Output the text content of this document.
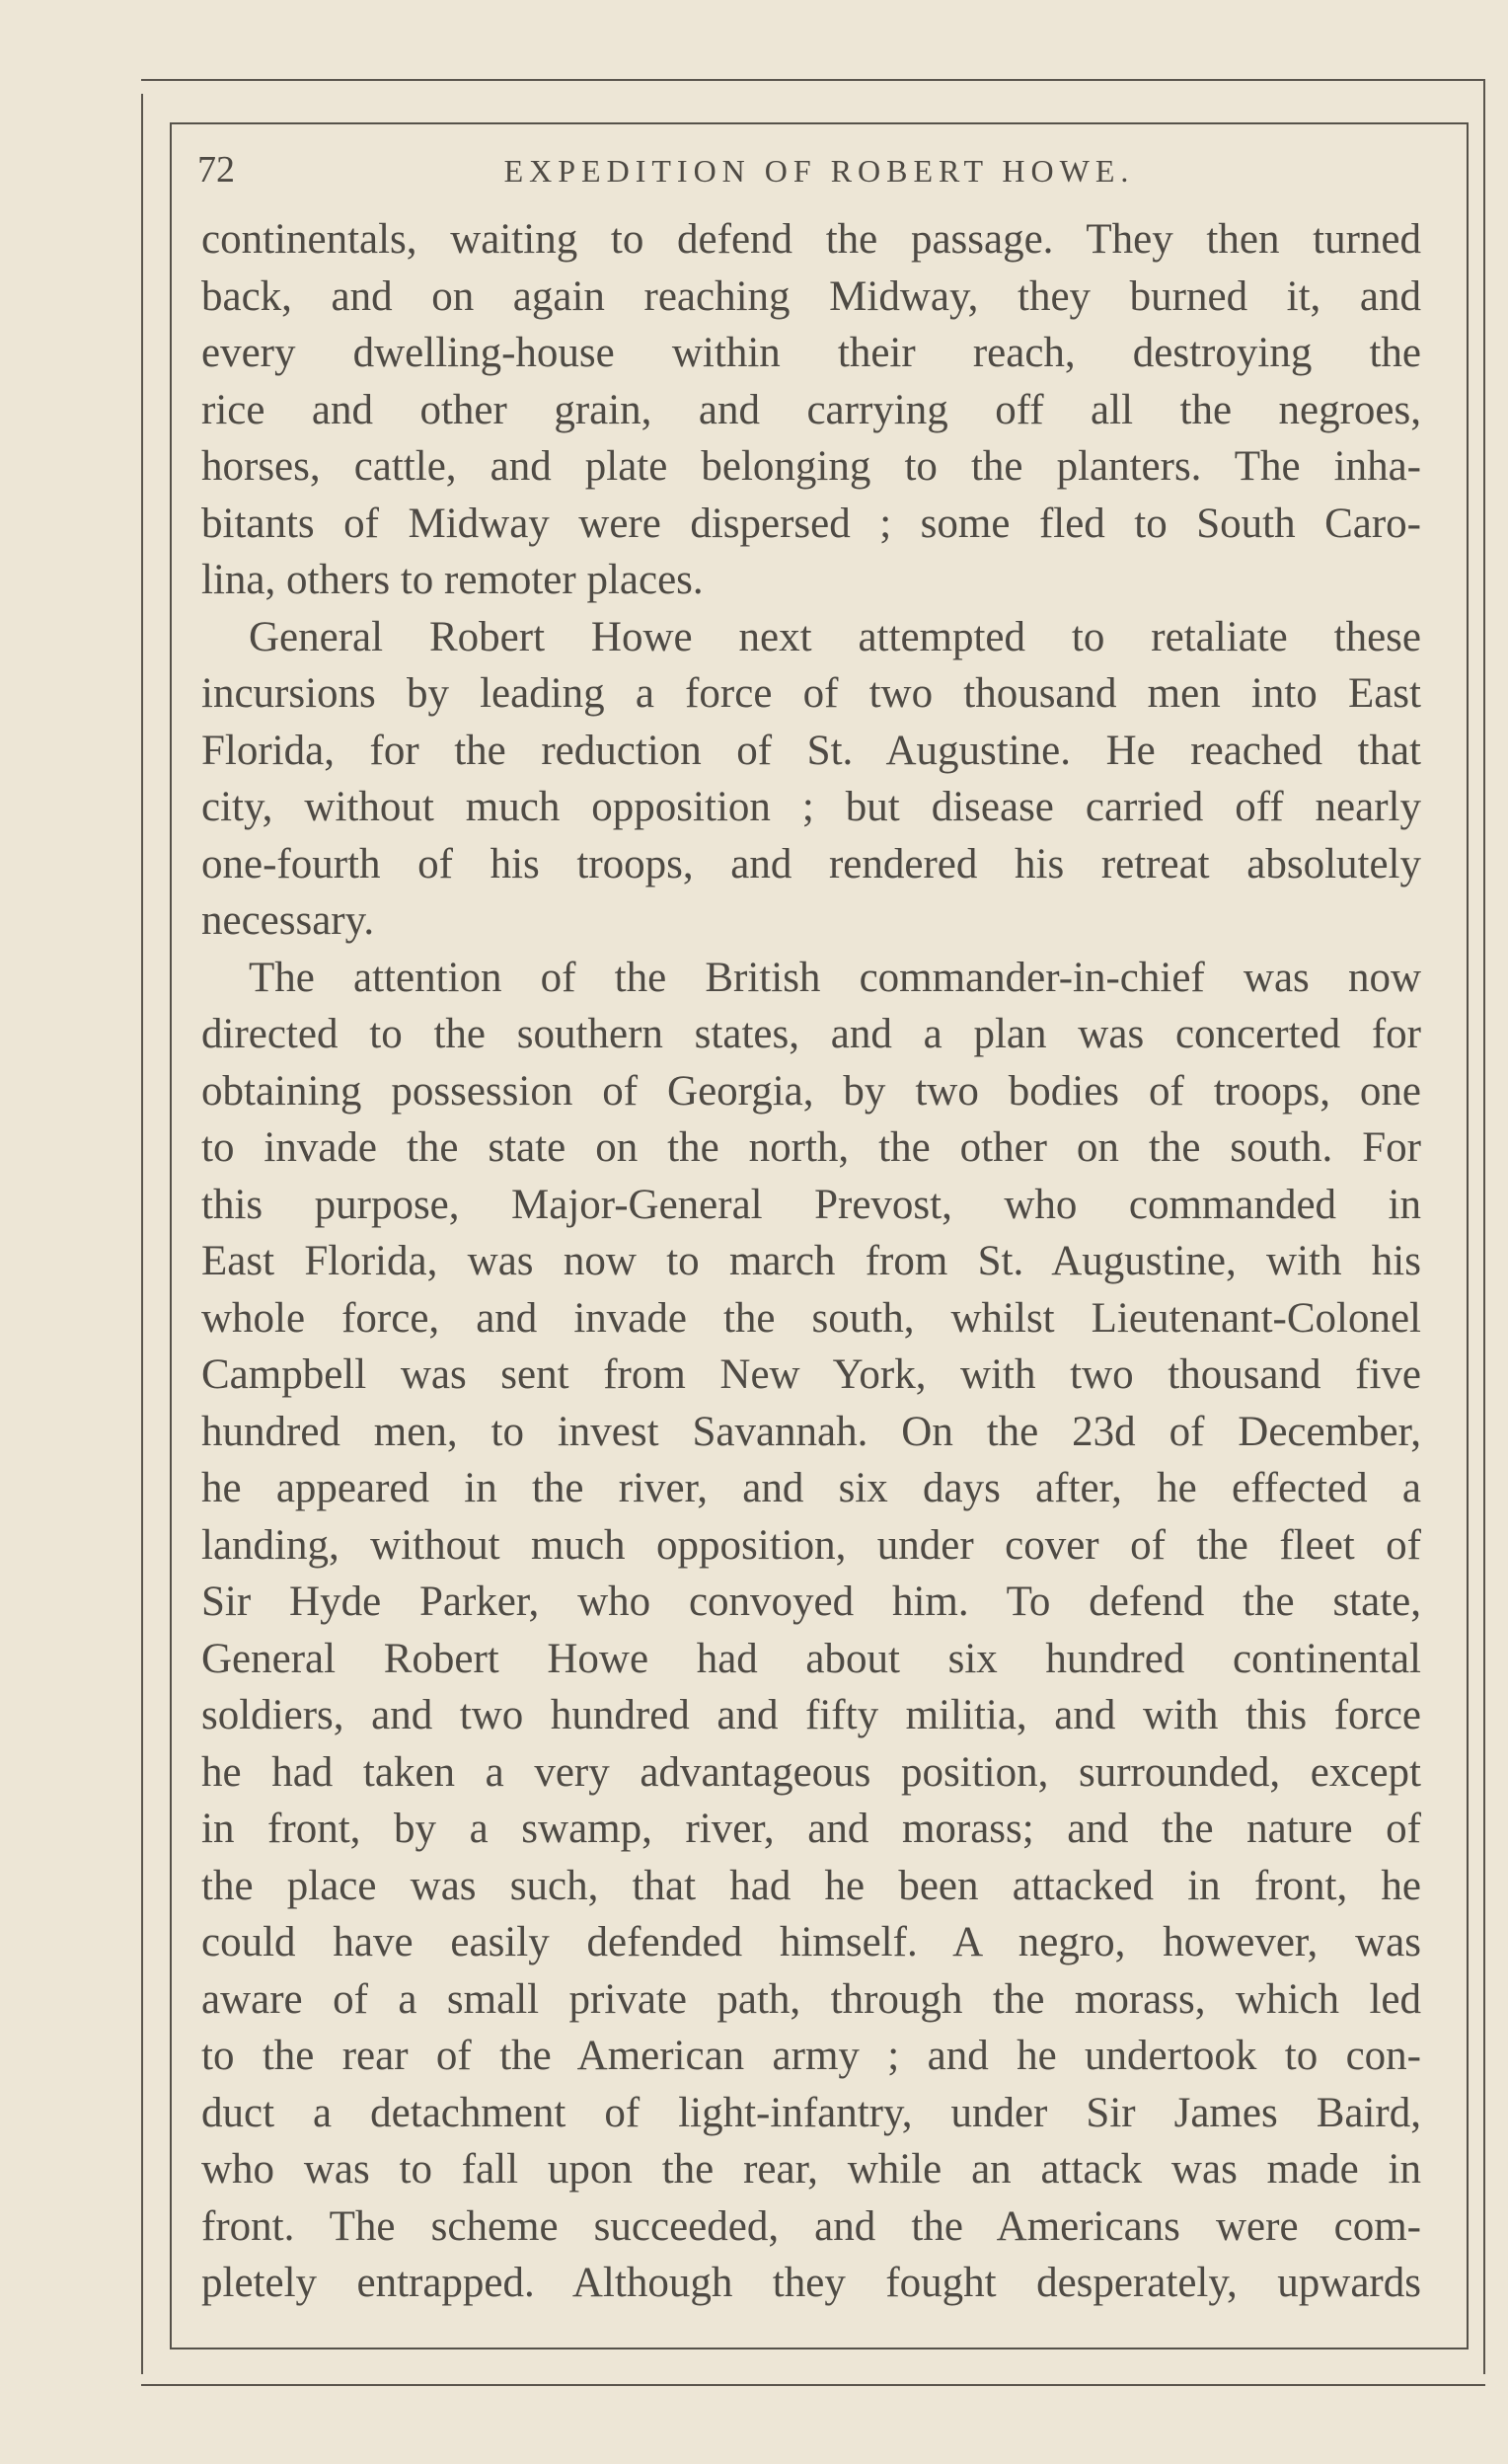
72	EXPEDITION OF ROBERT HOWE.
continentals, waiting to defend the passage. They then turned
back, and on again reaching Midway, they burned it, and
every dwelling-house within their reach, destroying the
rice and other grain, and carrying off all the negroes,
horses, cattle, and plate belonging to the planters. The inha-
bitants of Midway were dispersed ; some fled to South Caro-
lina, others to remoter places.
General Robert Howe next attempted to retaliate these
incursions by leading a force of two thousand men into East
Florida, for the reduction of St. Augustine. He reached that
city, without much opposition ; but disease carried off nearly
one-fourth of his troops, and rendered his retreat absolutely
necessary.
The attention of the British commander-in-chief was now
directed to the southern states, and a plan was concerted for
obtaining possession of Georgia, by two bodies of troops, one
to invade the state on the north, the other on the south. For
this purpose, Major-General Prevost, who commanded in
East Florida, was now to march from St. Augustine, with his
whole force, and invade the south, whilst Lieutenant-Colonel
Campbell was sent from New York, with two thousand five
hundred men, to invest Savannah. On the 23d of December,
he appeared in the river, and six days after, he effected a
landing, without much opposition, under cover of the fleet of
Sir Hyde Parker, who convoyed him. To defend the state,
General Robert Howe had about six hundred continental
soldiers, and two hundred and fifty militia, and with this force
he had taken a very advantageous position, surrounded, except
in front, by a swamp, river, and morass; and the nature of
the place was such, that had he been attacked in front, he
could have easily defended himself. A negro, however, was
aware of a small private path, through the morass, which led
to the rear of the American army ; and he undertook to con-
duct a detachment of light-infantry, under Sir James Baird,
who was to fall upon the rear, while an attack was made in
front. The scheme succeeded, and the Americans were com-
pletely entrapped. Although they fought desperately, upwards
